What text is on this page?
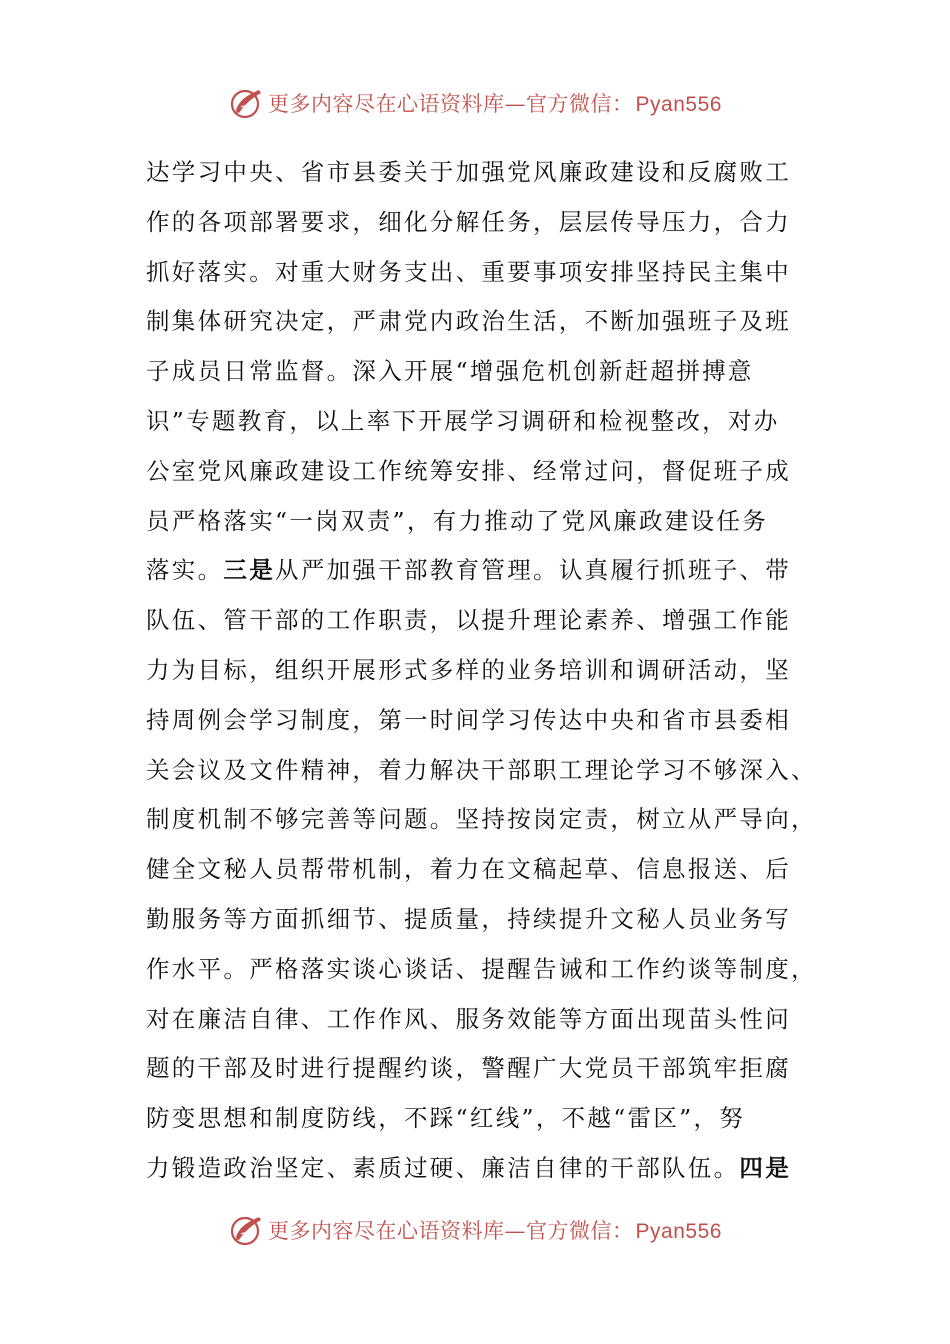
更多内容尽在心语资料库—官方微信：Pyan556
达学习中央、省市县委关于加强党风廉政建设和反腐败工
作的各项部署要求，细化分解任务，层层传导压力，合力
抓好落实。对重大财务支出、重要事项安排坚持民主集中
制集体研究决定，严肃党内政治生活，不断加强班子及班
子成员日常监督。深入开展“增强危机创新赶超拼搏意
识”专题教育，以上率下开展学习调研和检视整改，对办
公室党风廉政建设工作统筹安排、经常过问，督促班子成
员严格落实“一岗双责”，有力推动了党风廉政建设任务
落实。三是从严加强干部教育管理。认真履行抓班子、带
队伍、管干部的工作职责，以提升理论素养、增强工作能
力为目标，组织开展形式多样的业务培训和调研活动，坚
持周例会学习制度，第一时间学习传达中央和省市县委相
关会议及文件精神，着力解决干部职工理论学习不够深入、
制度机制不够完善等问题。坚持按岗定责，树立从严导向，
健全文秘人员帮带机制，着力在文稿起草、信息报送、后
勤服务等方面抓细节、提质量，持续提升文秘人员业务写
作水平。严格落实谈心谈话、提醒告诫和工作约谈等制度，
对在廉洁自律、工作作风、服务效能等方面出现苗头性问
题的干部及时进行提醒约谈，警醒广大党员干部筑牢拒腐
防变思想和制度防线，不踩“红线”，不越“雷区”，努
力锻造政治坚定、素质过硬、廉洁自律的干部队伍。四是
更多内容尽在心语资料库—官方微信：Pyan556
